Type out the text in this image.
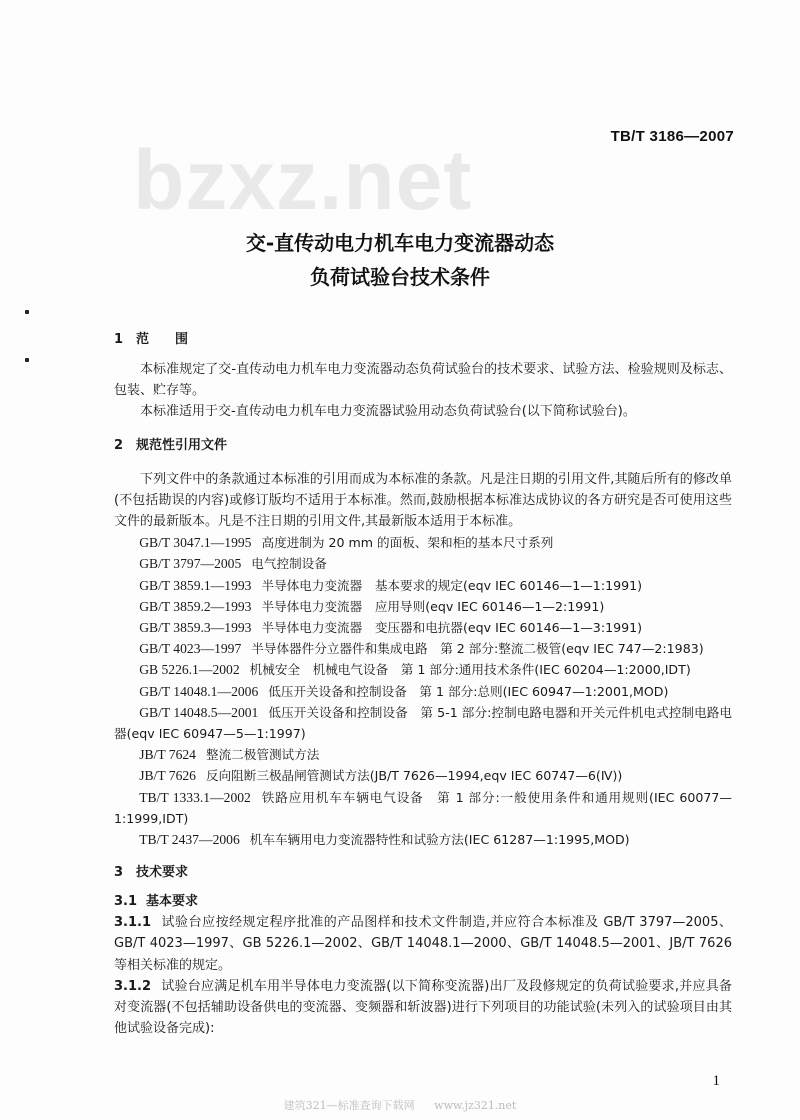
bzxz.net	TB/T 3186—2007
交-直传动电力机车电力变流器动态
负荷试验台技术条件
1 范　　围

本标准规定了交-直传动电力机车电力变流器动态负荷试验台的技术要求、试验方法、检验规则及标志、包装、贮存等。

本标准适用于交-直传动电力机车电力变流器试验用动态负荷试验台(以下简称试验台)。

2 规范性引用文件

下列文件中的条款通过本标准的引用而成为本标准的条款。凡是注日期的引用文件,其随后所有的修改单(不包括勘误的内容)或修订版均不适用于本标准。然而,鼓励根据本标准达成协议的各方研究是否可使用这些文件的最新版本。凡是不注日期的引用文件,其最新版本适用于本标准。

GB/T 3047.1—1995 高度进制为 20 mm 的面板、架和柜的基本尺寸系列
GB/T 3797—2005 电气控制设备
GB/T 3859.1—1993 半导体电力变流器　基本要求的规定(eqv IEC 60146—1—1:1991)
GB/T 3859.2—1993 半导体电力变流器　应用导则(eqv IEC 60146—1—2:1991)
GB/T 3859.3—1993 半导体电力变流器　变压器和电抗器(eqv IEC 60146—1—3:1991)
GB/T 4023—1997 半导体器件分立器件和集成电路　第 2 部分:整流二极管(eqv IEC 747—2:1983)
GB 5226.1—2002 机械安全　机械电气设备　第 1 部分:通用技术条件(IEC 60204—1:2000,IDT)
GB/T 14048.1—2006 低压开关设备和控制设备　第 1 部分:总则(IEC 60947—1:2001,MOD)
GB/T 14048.5—2001 低压开关设备和控制设备　第 5-1 部分:控制电路电器和开关元件机电式控制电路电器(eqv IEC 60947—5—1:1997)
JB/T 7624 整流二极管测试方法
JB/T 7626 反向阻断三极晶闸管测试方法(JB/T 7626—1994,eqv IEC 60747—6(Ⅳ))
TB/T 1333.1—2002 铁路应用机车车辆电气设备　第 1 部分:一般使用条件和通用规则(IEC 60077—1:1999,IDT)
TB/T 2437—2006 机车车辆用电力变流器特性和试验方法(IEC 61287—1:1995,MOD)
3 技术要求
3.1 基本要求
3.1.1 试验台应按经规定程序批准的产品图样和技术文件制造,并应符合本标准及 GB/T 3797—2005、GB/T 4023—1997、GB 5226.1—2002、GB/T 14048.1—2000、GB/T 14048.5—2001、JB/T 7626 等相关标准的规定。
3.1.2 试验台应满足机车用半导体电力变流器(以下简称变流器)出厂及段修规定的负荷试验要求,并应具备对变流器(不包括辅助设备供电的变流器、变频器和斩波器)进行下列项目的功能试验(未列入的试验项目由其他试验设备完成):
1
建筑321—标准查询下载网 www.jz321.net
